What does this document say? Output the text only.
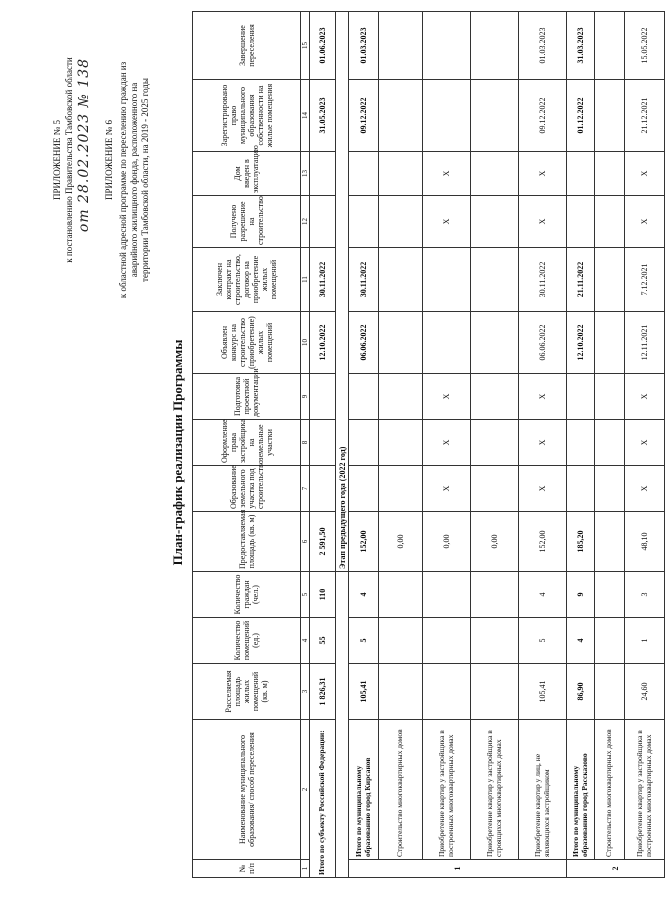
ПРИЛОЖЕНИЕ № 5 к постановлению Правительства Тамбовской области от 28.02.2023 № 138 ПРИЛОЖЕНИЕ № 6 к областной адресной программе по переселению граждан из аварийного жилищного фонда, расположенного на территории Тамбовской области, на 2019 - 2025 годы
План-график реализации Программы
№ п/п	Наименование муниципального образования/ способ переселения	Расселяемая площадь жилых помещений (кв. м)	Количество помещений (ед.)	Количество граждан (чел.)	Предоставляемая площадь (кв. м)	Образование земельного участка под строительство	Оформление права застройщика на земельные участки	Подготовка проектной документации	Объявлен конкурс на строительство (приобретение) жилых помещений	Заключен контракт на строительство, договор на приобретение жилых помещений	Получено разрешение на строительство	Дом введен в эксплуатацию	Зарегистрировано право муниципального образования собственности на жилые помещения	Завершение переселения
1	2	3	4	5	6	7	8	9	10	11	12	13	14	15
Итого по субъекту Российской Федерации:		1 826,31	55	110	2 591,50				12.10.2022	30.11.2022			31.05.2023	01.06.2023
					Этап предыдущего года (2022 год)									
1	Итого по муниципальному образованию город Кирсанов	105,41	5	4	152,00				06.06.2022	30.11.2022			09.12.2022	01.03.2023
	Строительство многоквартирных домов				0,00									
	Приобретение квартир у застройщика в построенных многоквартирных домах				0,00	X	X	X			X	X		
	Приобретение квартир у застройщика в строящихся многоквартирных домах				0,00									
	Приобретение квартир у лиц, не являющихся застройщиком	105,41	5	4	152,00	X	X	X	06.06.2022	30.11.2022	X	X	09.12.2022	01.03.2023
2	Итого по муниципальному образованию город Рассказово	86,90	4	9	185,20				12.10.2022	21.11.2022			01.12.2022	31.03.2023
	Строительство многоквартирных домов													
	Приобретение квартир у застройщика в построенных многоквартирных домах	24,60	1	3	48,10	X	X	X	12.11.2021	7.12.2021	X	X	21.12.2021	15.05.2022
